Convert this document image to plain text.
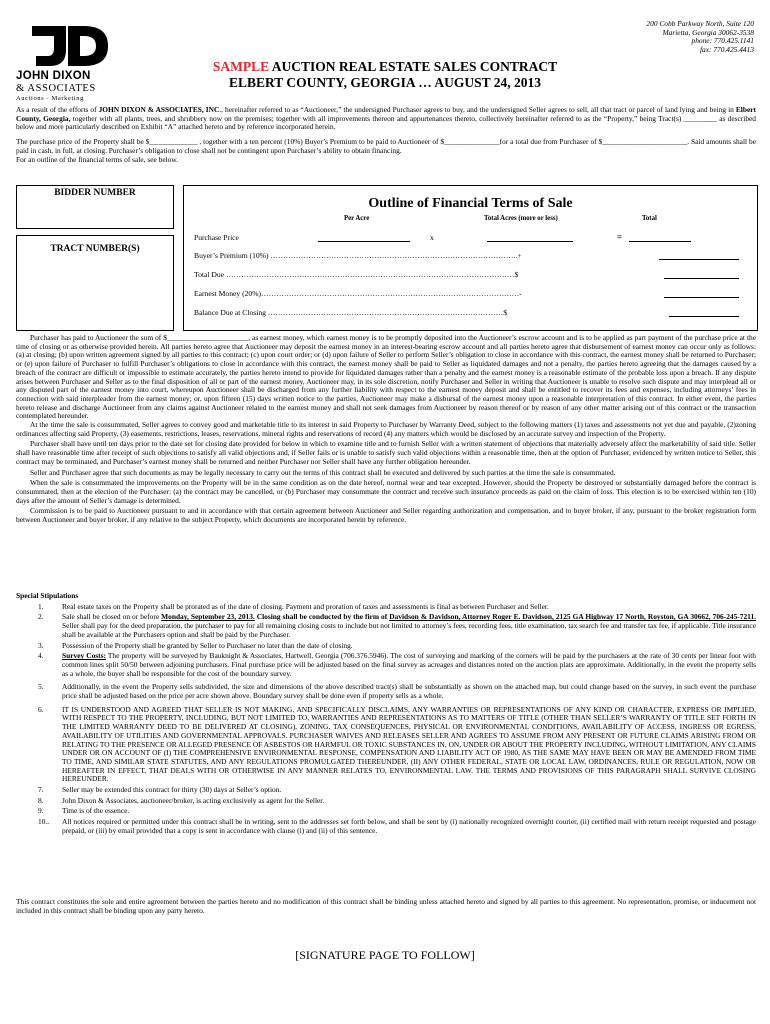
JOHN DIXON
& ASSOCIATES
Auctions · Marketing
200 Cobb Parkway North, Suite 120
Marietta, Georgia 30062-3538
phone: 770.425.1141
fax: 770.425.4413
SAMPLE AUCTION REAL ESTATE SALES CONTRACT
ELBERT COUNTY, GEORGIA … AUGUST 24, 2013

As a result of the efforts of JOHN DIXON & ASSOCIATES, INC., hereinafter referred to as “Auctioneer,” the undersigned Purchaser agrees to buy, and the undersigned Seller agrees to sell, all that tract or parcel of land lying and being in Elbert County, Georgia, together with all plants, trees, and shrubbery now on the premises; together with all improvements thereon and appurtenances thereto, collectively hereinafter referred to as the “Property,” being Tract(s) _________ as described below and more particularly described on Exhibit “A” attached hereto and by reference incorporated herein.

The purchase price of the Property shall be $_____________ , together with a ten percent (10%) Buyer’s Premium to be paid to Auctioneer of $_______________for a total due from Purchaser of $_______________________. Said amounts shall be paid in cash, in full, at closing. Purchaser’s obligation to close shall not be contingent upon Purchaser’s ability to obtain financing.

For an outline of the financial terms of sale, see below.

BIDDER NUMBER
TRACT NUMBER(S)
Outline of Financial Terms of Sale
Per Acre	Total Acres (more or less)	Total
Purchase Price	x	=
Buyer’s Premium (10%) ……………………………………………………………………………………..+
Total Due ……………………………………………………………………………………………………$
Earnest Money (20%)…………………………………………………………………………………………-
Balance Due at Closing …………………………………………………………………………………$

Purchaser has paid to Auctioneer the sum of $______________________, as earnest money, which earnest money is to be promptly deposited into the Auctioneer’s escrow account and is to be applied as part payment of the purchase price at the time of closing or as otherwise provided herein. All parties hereto agree that Auctioneer may deposit the earnest money in an interest-bearing escrow account and all parties hereto agree that disbursement of earnest money can occur only as follows: (a) at closing; (b) upon written agreement signed by all parties to this contract; (c) upon court order; or (d) upon failure of Seller to perform Seller’s obligation to close in accordance with this contract, the earnest money shall be returned to Purchaser; or (e) upon failure of Purchaser to fulfill Purchaser’s obligations to close in accordance with this contract, the earnest money shall be paid to Seller as liquidated damages and not a penalty, the parties hereto agreeing that the damages caused by a breach of the contract are difficult or impossible to estimate accurately, the parties hereto intend to provide for liquidated damages rather than a penalty and the earnest money is a reasonable estimate of the probable loss upon a breach. If any dispute arises between Purchaser and Seller as to the final disposition of all or part of the earnest money, Auctioneer may, in its sole discretion, notify Purchaser and Seller in writing that Auctioneer is unable to resolve such dispute and may interplead all or any disputed part of the earnest money into court, whereupon Auctioneer shall be discharged from any further liability with respect to the earnest money deposit and shall be entitled to recover its fees and expenses, including attorneys’ fees in connection with said interpleader from the earnest money; or, upon fifteen (15) days written notice to the parties, Auctioneer may make a disbursal of the earnest money upon a reasonable interpretation of this contract. In either event, the parties hereto release and discharge Auctioneer from any claims against Auctioneer related to the earnest money and shall not seek damages from Auctioneer by reason thereof or by reason of any other matter arising out of this contract or the transaction contemplated hereunder.

At the time the sale is consummated, Seller agrees to convey good and marketable title to its interest in said Property to Purchaser by Warranty Deed, subject to the following matters (1) taxes and assessments not yet due and payable, (2)zoning ordinances affecting said Property, (3) easements, restrictions, leases, reservations, mineral rights and reservations of record (4) any matters which would be disclosed by an accurate survey and inspection of the Property.

Purchaser shall have until ten days prior to the date set for closing date provided for below in which to examine title and to furnish Seller with a written statement of objections that materially adversely affect the marketability of said title. Seller shall have reasonable time after receipt of such objections to satisfy all valid objections and, if Seller fails or is unable to satisfy such valid objections within a reasonable time, then at the option of Purchaser, evidenced by written notice to Seller, this contract may be terminated, and Purchaser’s earnest money shall be returned and neither Purchaser nor Seller shall have any further obligation hereunder.

Seller and Purchaser agree that such documents as may be legally necessary to carry out the terms of this contract shall be executed and delivered by such parties at the time the sale is consummated.

When the sale is consummated the improvements on the Property will be in the same condition as on the date hereof, normal wear and tear excepted. However, should the Property be destroyed or substantially damaged before the contract is consummated, then at the election of the Purchaser: (a) the contract may be cancelled, or (b) Purchaser may consummate the contract and receive such insurance proceeds as paid on the claim of loss. This election is to be exercised within ten (10) days after the amount of Seller’s damage is determined.

Commission is to be paid to Auctioneer pursuant to and in accordance with that certain agreement between Auctioneer and Seller regarding authorization and compensation, and to buyer broker, if any, pursuant to the broker registration form between Auctioneer and buyer broker, if any relative to the subject Property, which documents are incorporated herein by reference.

Special Stipulations

1. Real estate taxes on the Property shall be prorated as of the date of closing. Payment and proration of taxes and assessments is final as between Purchaser and Seller.
2. Sale shall be closed on or before Monday, September 23, 2013. Closing shall be conducted by the firm of Davidson & Davidson, Attorney Roger E. Davidson, 2125 GA Highway 17 North, Royston, GA 30662, 706-245-7211. Seller shall pay for the deed preparation, the purchaser to pay for all remaining closing costs to include but not limited to attorney’s fees, recording fees, title examination, tax search fee and transfer tax fee, if applicable. Title insurance shall be available at the Purchasers option and shall be paid by the Purchaser.
3. Possession of the Property shall be granted by Seller to Purchaser no later than the date of closing.
4. Survey Costs: The property will be surveyed by Bauknight & Associates, Hartwell, Georgia (706.376.5946). The cost of surveying and marking of the corners will be paid by the purchasers at the rate of 30 cents per linear foot with common lines split 50/50 between adjoining purchasers. Final purchase price will be adjusted based on the final survey as acreages and distances noted on the auction plats are approximate. Additionally, in the event the property sells as a whole, the buyer shall be responsible for the cost of the boundary survey.
5. Additionally, in the event the Property sells subdivided, the size and dimensions of the above described tract(s) shall be substantially as shown on the attached map, but could change based on the survey, in such event the purchase price shall be adjusted based on the price per acre shown above. Boundary survey shall be done even if property sells as a whole.
6. IT IS UNDERSTOOD AND AGREED THAT SELLER IS NOT MAKING, AND SPECIFICALLY DISCLAIMS, ANY WARRANTIES OR REPRESENTATIONS OF ANY KIND OR CHARACTER, EXPRESS OR IMPLIED, WITH RESPECT TO THE PROPERTY, INCLUDING, BUT NOT LIMITED TO, WARRANTIES AND REPRESENTATIONS AS TO MATTERS OF TITLE (OTHER THAN SELLER’S WARRANTY OF TITLE SET FORTH IN THE LIMITED WARRANTY DEED TO BE DELIVERED AT CLOSING), ZONING, TAX CONSEQUENCES, PHYSICAL OR ENVIRONMENTAL CONDITIONS, AVAILABILITY OF ACCESS, INGRESS OR EGRESS, AVAILABILITY OF UTILITIES AND GOVERNMENTAL APPROVALS. PURCHASER WAIVES AND RELEASES SELLER AND AGREES TO ASSUME FROM ANY PRESENT OR FUTURE CLAIMS ARISING FROM OR RELATING TO THE PRESENCE OR ALLEGED PRESENCE OF ASBESTOS OR HARMFUL OR TOXIC SUBSTANCES IN, ON, UNDER OR ABOUT THE PROPERTY INCLUDING, WITHOUT LIMITATION, ANY CLAIMS UNDER OR ON ACCOUNT OF (I) THE COMPREHENSIVE ENVIRONMENTAL RESPONSE, COMPENSATION AND LIABILITY ACT OF 1980, AS THE SAME MAY HAVE BEEN OR MAY BE AMENDED FROM TIME TO TIME, AND SIMILAR STATE STATUTES, AND ANY REGULATIONS PROMULGATED THEREUNDER, (II) ANY OTHER FEDERAL, STATE OR LOCAL LAW, ORDINANCES, RULE OR REGULATION, NOW OR HEREAFTER IN EFFECT, THAT DEALS WITH OR OTHERWISE IN ANY MANNER RELATES TO, ENVIRONMENTAL LAW. THE TERMS AND PROVISIONS OF THIS PARAGRAPH SHALL SURVIVE CLOSING HEREUNDER.
7. Seller may be extended this contract for thirty (30) days at Seller’s option.
8. John Dixon & Associates, auctioneer/broker, is acting exclusively as agent for the Seller.
9. Time is of the essence.
10.. All notices required or permitted under this contract shall be in writing, sent to the addresses set forth below, and shall be sent by (i) nationally recognized overnight courier, (ii) certified mail with return receipt requested and postage prepaid, or (iii) by email provided that a copy is sent in accordance with clause (i) and (ii) of this sentence.
This contract constitutes the sole and entire agreement between the parties hereto and no modification of this contract shall be binding unless attached hereto and signed by all parties to this agreement. No representation, promise, or inducement not included in this contract shall be binding upon any party hereto.
[SIGNATURE PAGE TO FOLLOW]
